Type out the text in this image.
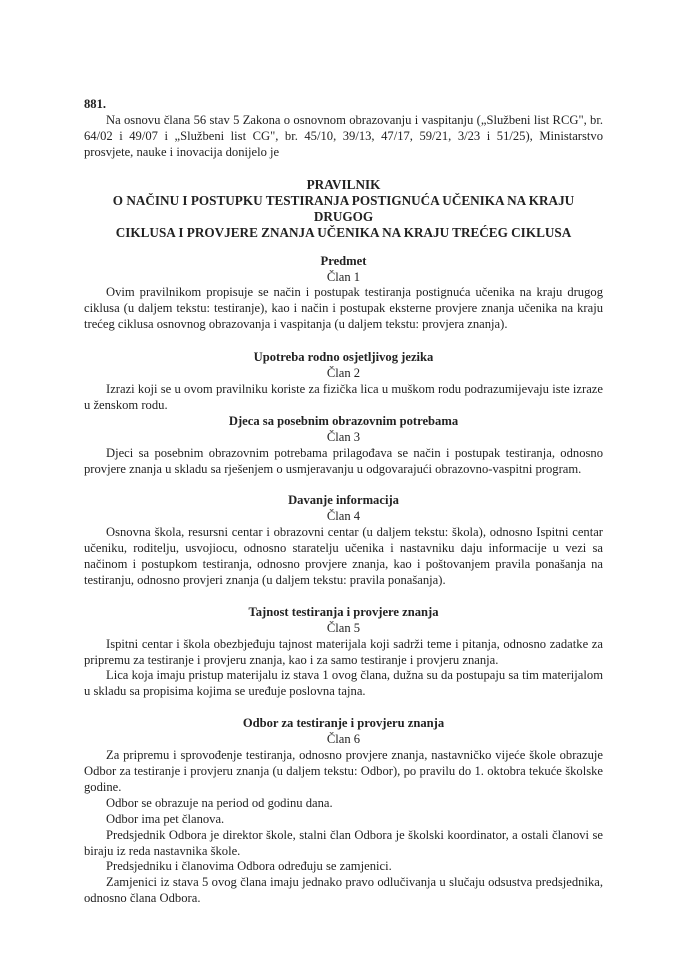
881.

Na osnovu člana 56 stav 5 Zakona o osnovnom obrazovanju i vaspitanju („Službeni list RCG", br. 64/02 i 49/07 i „Službeni list CG", br. 45/10, 39/13, 47/17, 59/21, 3/23 i 51/25), Ministarstvo prosvjete, nauke i inovacija donijelo je

PRAVILNIK
O NAČINU I POSTUPKU TESTIRANJA POSTIGNUĆA UČENIKA NA KRAJU DRUGOG
CIKLUSA I PROVJERE ZNANJA UČENIKA NA KRAJU TREĆEG CIKLUSA
Predmet
Član 1

Ovim pravilnikom propisuje se način i postupak testiranja postignuća učenika na kraju drugog ciklusa (u daljem tekstu: testiranje), kao i način i postupak eksterne provjere znanja učenika na kraju trećeg ciklusa osnovnog obrazovanja i vaspitanja (u daljem tekstu: provjera znanja).

Upotreba rodno osjetljivog jezika
Član 2

Izrazi koji se u ovom pravilniku koriste za fizička lica u muškom rodu podrazumijevaju iste izraze u ženskom rodu.

Djeca sa posebnim obrazovnim potrebama
Član 3

Djeci sa posebnim obrazovnim potrebama prilagođava se način i postupak testiranja, odnosno provjere znanja u skladu sa rješenjem o usmjeravanju u odgovarajući obrazovno-vaspitni program.

Davanje informacija
Član 4

Osnovna škola, resursni centar i obrazovni centar (u daljem tekstu: škola), odnosno Ispitni centar učeniku, roditelju, usvojiocu, odnosno staratelju učenika i nastavniku daju informacije u vezi sa načinom i postupkom testiranja, odnosno provjere znanja, kao i poštovanjem pravila ponašanja na testiranju, odnosno provjeri znanja (u daljem tekstu: pravila ponašanja).

Tajnost testiranja i provjere znanja
Član 5

Ispitni centar i škola obezbjeđuju tajnost materijala koji sadrži teme i pitanja, odnosno zadatke za pripremu za testiranje i provjeru znanja, kao i za samo testiranje i provjeru znanja.

Lica koja imaju pristup materijalu iz stava 1 ovog člana, dužna su da postupaju sa tim materijalom u skladu sa propisima kojima se uređuje poslovna tajna.

Odbor za testiranje i provjeru znanja
Član 6

Za pripremu i sprovođenje testiranja, odnosno provjere znanja, nastavničko vijeće škole obrazuje Odbor za testiranje i provjeru znanja (u daljem tekstu: Odbor), po pravilu do 1. oktobra tekuće školske godine.

Odbor se obrazuje na period od godinu dana.

Odbor ima pet članova.

Predsjednik Odbora je direktor škole, stalni član Odbora je školski koordinator, a ostali članovi se biraju iz reda nastavnika škole.

Predsjedniku i članovima Odbora određuju se zamjenici.

Zamjenici iz stava 5 ovog člana imaju jednako pravo odlučivanja u slučaju odsustva predsjednika, odnosno člana Odbora.
